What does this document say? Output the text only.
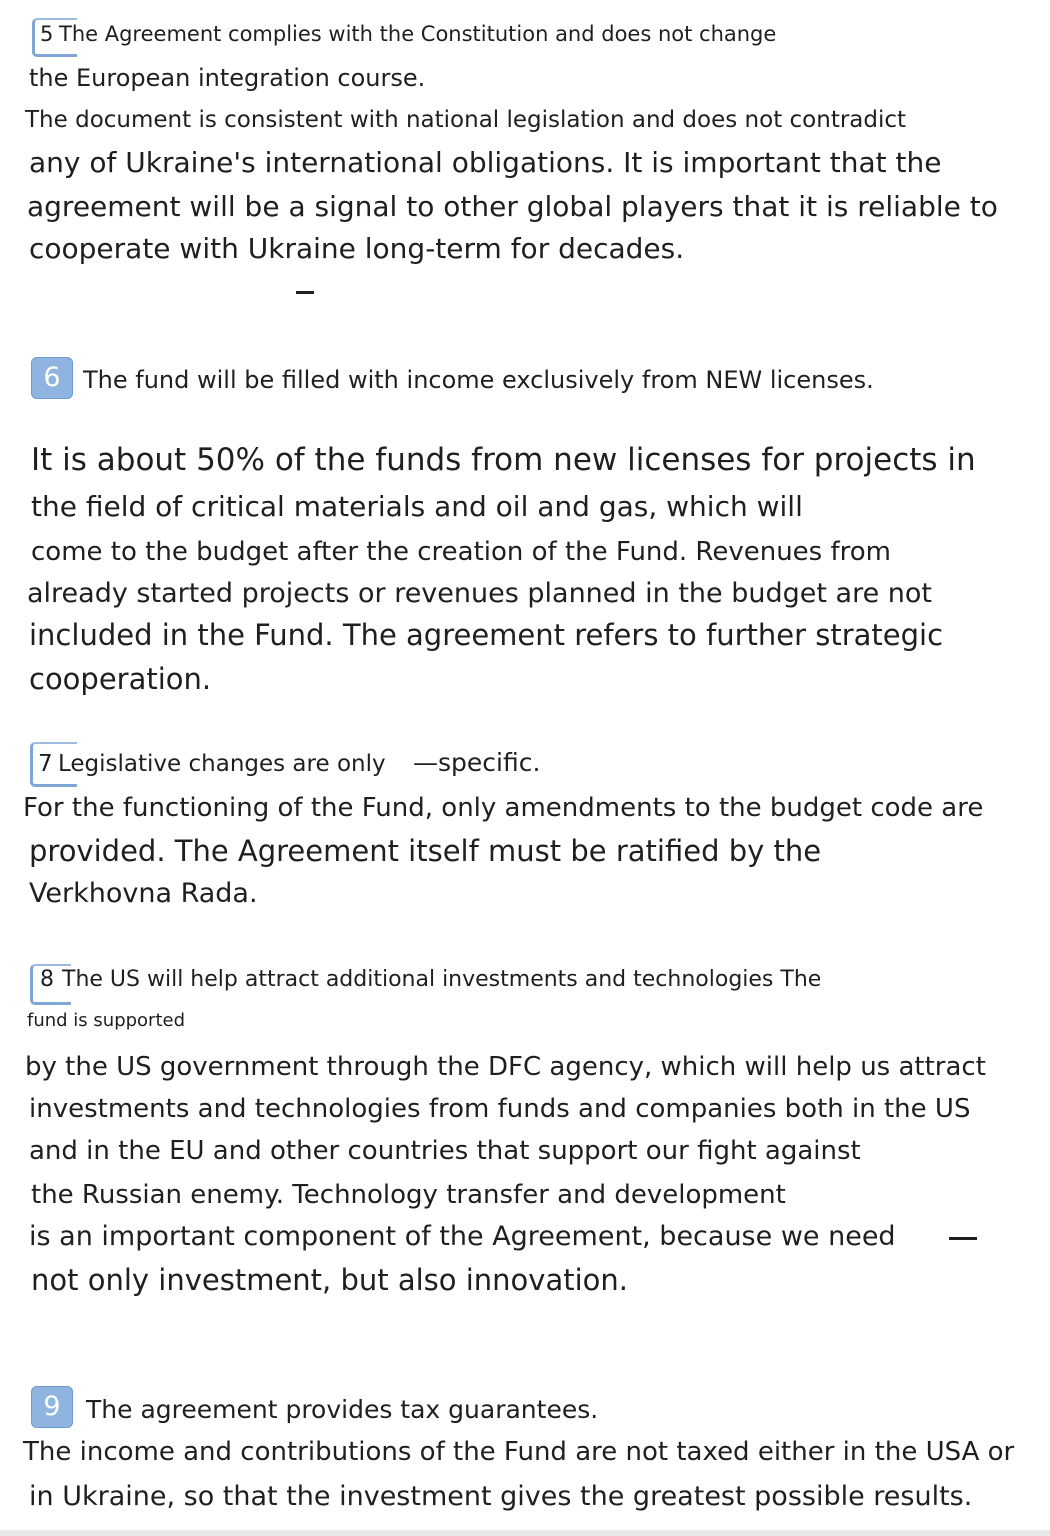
5 The Agreement complies with the Constitution and does not change
the European integration course.
The document is consistent with national legislation and does not contradict
any of Ukraine's international obligations. It is important that the
agreement will be a signal to other global players that it is reliable to
cooperate with Ukraine long-term for decades.
6 The fund will be filled with income exclusively from NEW licenses.
It is about 50% of the funds from new licenses for projects in
the field of critical materials and oil and gas, which will
come to the budget after the creation of the Fund. Revenues from
already started projects or revenues planned in the budget are not
included in the Fund. The agreement refers to further strategic
cooperation.
7 Legislative changes are only —specific.
For the functioning of the Fund, only amendments to the budget code are
provided. The Agreement itself must be ratified by the
Verkhovna Rada.
8 The US will help attract additional investments and technologies The
fund is supported
by the US government through the DFC agency, which will help us attract
investments and technologies from funds and companies both in the US
and in the EU and other countries that support our fight against
the Russian enemy. Technology transfer and development
is an important component of the Agreement, because we need
not only investment, but also innovation.
9	The agreement provides tax guarantees.
The income and contributions of the Fund are not taxed either in the USA or
in Ukraine, so that the investment gives the greatest possible results.
